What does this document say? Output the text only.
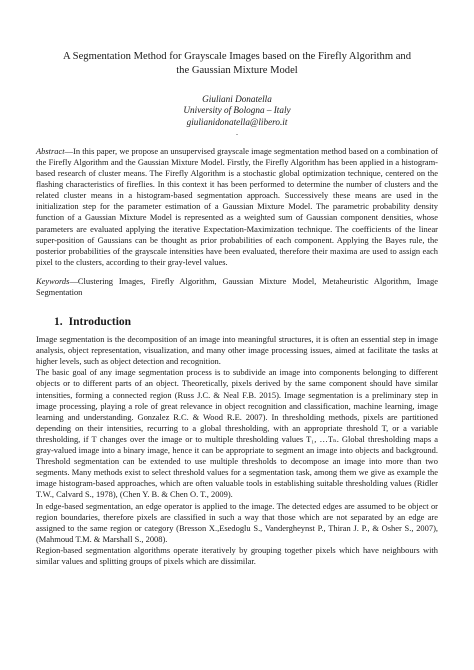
A Segmentation Method for Grayscale Images based on the Firefly Algorithm and
the Gaussian Mixture Model
Giuliani Donatella
University of Bologna – Italy
giulianidonatella@libero.it
.

Abstract—In this paper, we propose an unsupervised grayscale image segmentation method based on a combination of the Firefly Algorithm and the Gaussian Mixture Model. Firstly, the Firefly Algorithm has been applied in a histogram-based research of cluster means. The Firefly Algorithm is a stochastic global optimization technique, centered on the flashing characteristics of fireflies. In this context it has been performed to determine the number of clusters and the related cluster means in a histogram-based segmentation approach. Successively these means are used in the initialization step for the parameter estimation of a Gaussian Mixture Model. The parametric probability density function of a Gaussian Mixture Model is represented as a weighted sum of Gaussian component densities, whose parameters are evaluated applying the iterative Expectation-Maximization technique. The coefficients of the linear super-position of Gaussians can be thought as prior probabilities of each component. Applying the Bayes rule, the posterior probabilities of the grayscale intensities have been evaluated, therefore their maxima are used to assign each pixel to the clusters, according to their gray-level values.

Keywords—Clustering Images, Firefly Algorithm, Gaussian Mixture Model, Metaheuristic Algorithm, Image Segmentation

1. Introduction

Image segmentation is the decomposition of an image into meaningful structures, it is often an essential step in image analysis, object representation, visualization, and many other image processing issues, aimed at facilitate the tasks at higher levels, such as object detection and recognition.

The basic goal of any image segmentation process is to subdivide an image into components belonging to different objects or to different parts of an object. Theoretically, pixels derived by the same component should have similar intensities, forming a connected region (Russ J.C. & Neal F.B. 2015). Image segmentation is a preliminary step in image processing, playing a role of great relevance in object recognition and classification, machine learning, image learning and understanding. Gonzalez R.C. & Wood R.E. 2007). In thresholding methods, pixels are partitioned depending on their intensities, recurring to a global thresholding, with an appropriate threshold T, or a variable thresholding, if T changes over the image or to multiple thresholding values T₁, …Tₙ. Global thresholding maps a gray-valued image into a binary image, hence it can be appropriate to segment an image into objects and background. Threshold segmentation can be extended to use multiple thresholds to decompose an image into more than two segments. Many methods exist to select threshold values for a segmentation task, among them we give as example the image histogram-based approaches, which are often valuable tools in establishing suitable thresholding values (Ridler T.W., Calvard S., 1978), (Chen Y. B. & Chen O. T., 2009).

In edge-based segmentation, an edge operator is applied to the image. The detected edges are assumed to be object or region boundaries, therefore pixels are classified in such a way that those which are not separated by an edge are assigned to the same region or category (Bresson X.,Esedoglu S., Vandergheynst P., Thiran J. P., & Osher S., 2007), (Mahmoud T.M. & Marshall S., 2008).

Region-based segmentation algorithms operate iteratively by grouping together pixels which have neighbours with similar values and splitting groups of pixels which are dissimilar.
